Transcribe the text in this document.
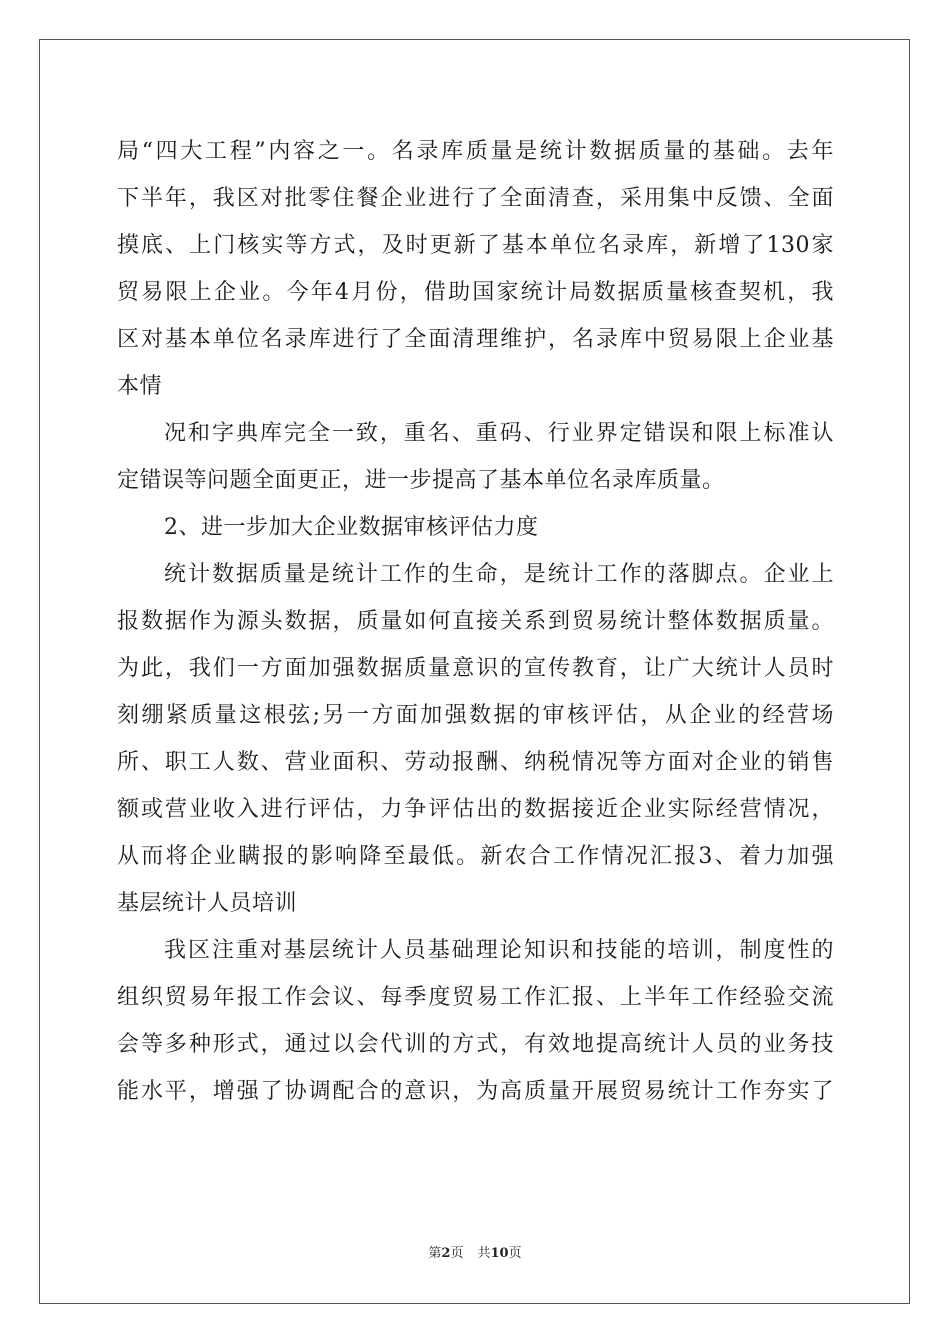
局“四大工程”内容之一。名录库质量是统计数据质量的基础。去年
下半年，我区对批零住餐企业进行了全面清查，采用集中反馈、全面
摸底、上门核实等方式，及时更新了基本单位名录库，新增了130家
贸易限上企业。今年4月份，借助国家统计局数据质量核查契机，我
区对基本单位名录库进行了全面清理维护，名录库中贸易限上企业基
本情
况和字典库完全一致，重名、重码、行业界定错误和限上标准认
定错误等问题全面更正，进一步提高了基本单位名录库质量。
2、进一步加大企业数据审核评估力度
统计数据质量是统计工作的生命，是统计工作的落脚点。企业上
报数据作为源头数据，质量如何直接关系到贸易统计整体数据质量。
为此，我们一方面加强数据质量意识的宣传教育，让广大统计人员时
刻绷紧质量这根弦;另一方面加强数据的审核评估，从企业的经营场
所、职工人数、营业面积、劳动报酬、纳税情况等方面对企业的销售
额或营业收入进行评估，力争评估出的数据接近企业实际经营情况，
从而将企业瞒报的影响降至最低。新农合工作情况汇报3、着力加强
基层统计人员培训
我区注重对基层统计人员基础理论知识和技能的培训，制度性的
组织贸易年报工作会议、每季度贸易工作汇报、上半年工作经验交流
会等多种形式，通过以会代训的方式，有效地提高统计人员的业务技
能水平，增强了协调配合的意识，为高质量开展贸易统计工作夯实了
第2页 共10页
